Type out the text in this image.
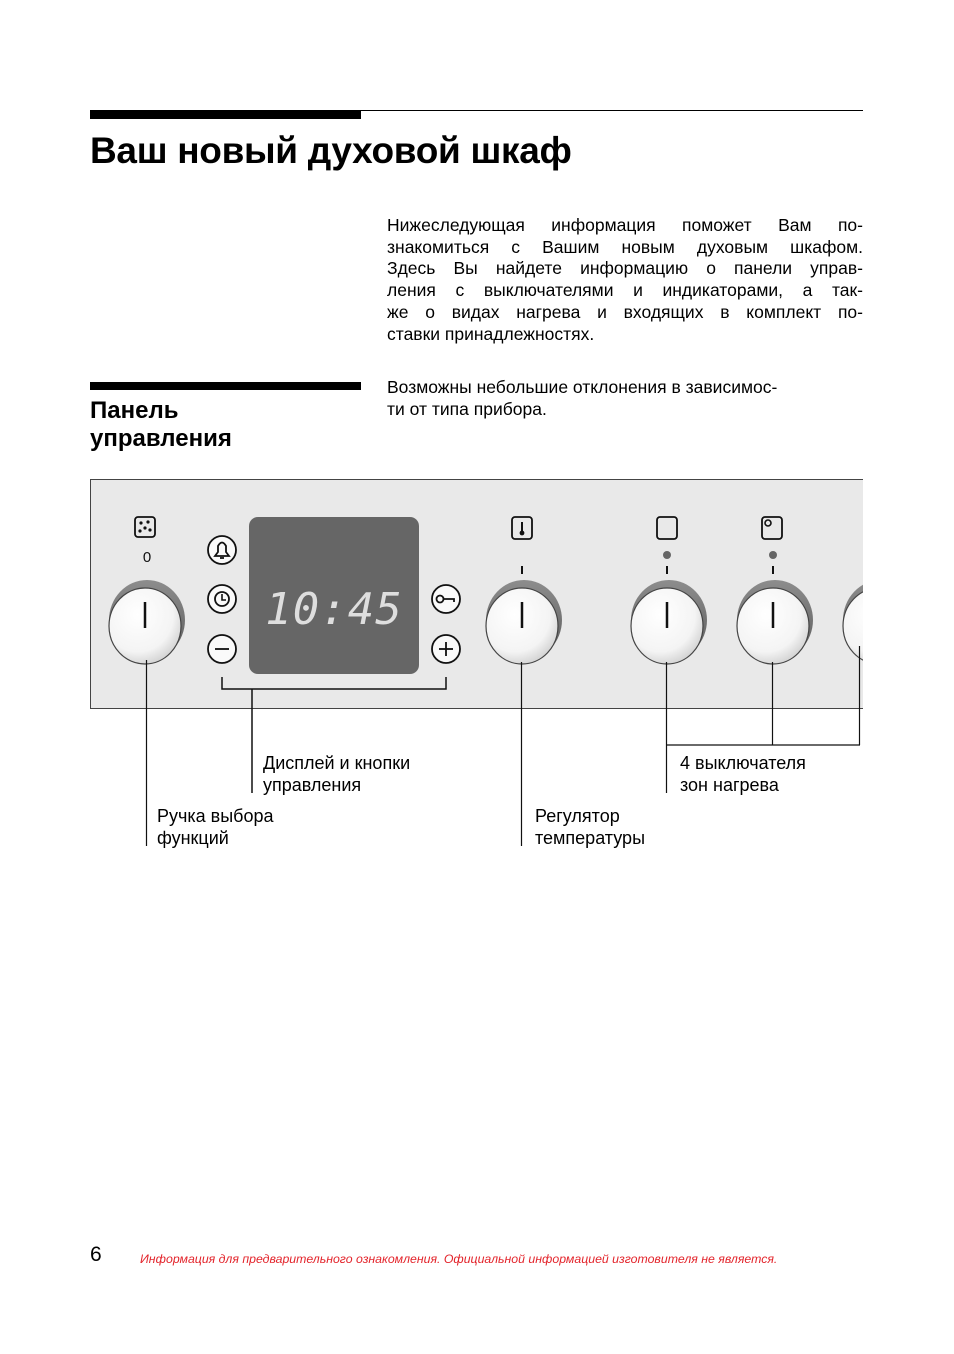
Ваш новый духовой шкаф

Нижеследующая информация поможет Вам по-
знакомиться с Вашим новым духовым шкафом.
Здесь Вы найдете информацию о панели управ-
ления с выключателями и индикаторами, а так-
же о видах нагрева и входящих в комплект по-
ставки принадлежностях.

Панель
управления

Возможны небольшие отклонения в зависимос-
ти от типа прибора.

0
10:45

Дисплей и кнопки
управления

Ручка выбора
функций

Регулятор
температуры

4 выключателя
зон нагрева

6	Информация для предварительного ознакомления. Официальной информацией изготовителя не является.
